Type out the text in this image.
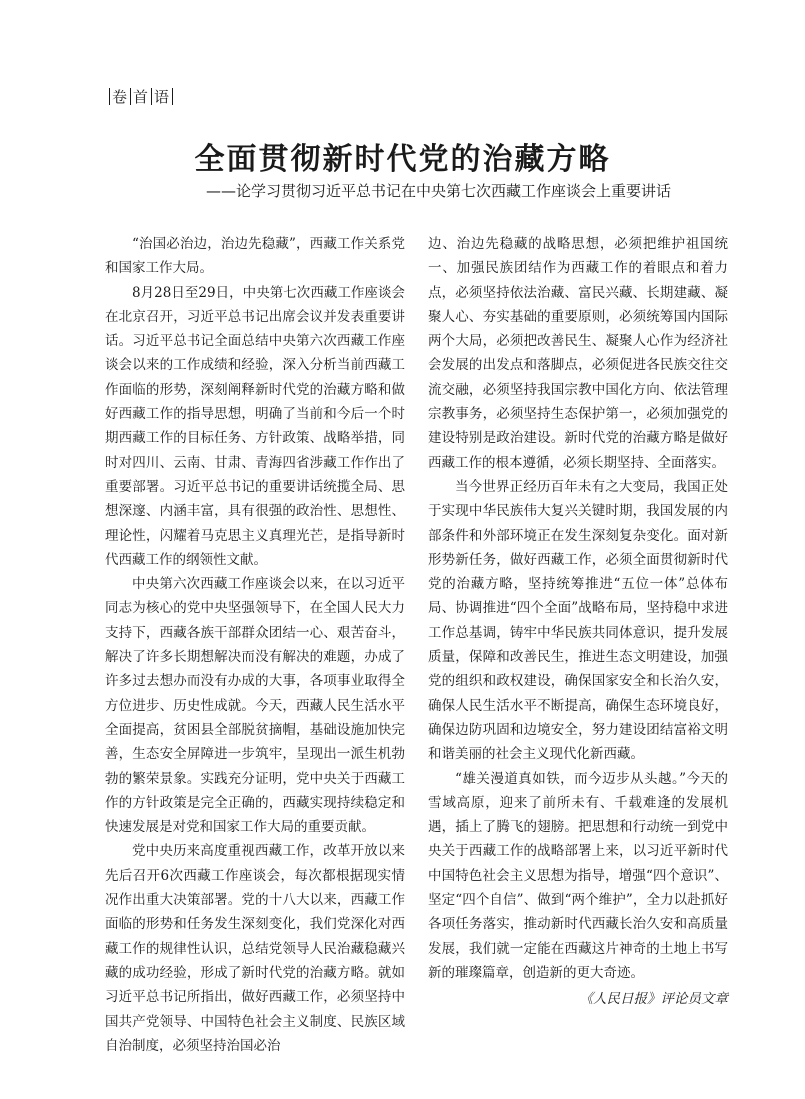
卷 首 语
全面贯彻新时代党的治藏方略
——论学习贯彻习近平总书记在中央第七次西藏工作座谈会上重要讲话

“治国必治边，治边先稳藏”，西藏工作关系党和国家工作大局。

8月28日至29日，中央第七次西藏工作座谈会在北京召开，习近平总书记出席会议并发表重要讲话。习近平总书记全面总结中央第六次西藏工作座谈会以来的工作成绩和经验，深入分析当前西藏工作面临的形势，深刻阐释新时代党的治藏方略和做好西藏工作的指导思想，明确了当前和今后一个时期西藏工作的目标任务、方针政策、战略举措，同时对四川、云南、甘肃、青海四省涉藏工作作出了重要部署。习近平总书记的重要讲话统揽全局、思想深邃、内涵丰富，具有很强的政治性、思想性、理论性，闪耀着马克思主义真理光芒，是指导新时代西藏工作的纲领性文献。

中央第六次西藏工作座谈会以来，在以习近平同志为核心的党中央坚强领导下，在全国人民大力支持下，西藏各族干部群众团结一心、艰苦奋斗，解决了许多长期想解决而没有解决的难题，办成了许多过去想办而没有办成的大事，各项事业取得全方位进步、历史性成就。今天，西藏人民生活水平全面提高，贫困县全部脱贫摘帽，基础设施加快完善，生态安全屏障进一步筑牢，呈现出一派生机勃勃的繁荣景象。实践充分证明，党中央关于西藏工作的方针政策是完全正确的，西藏实现持续稳定和快速发展是对党和国家工作大局的重要贡献。

党中央历来高度重视西藏工作，改革开放以来先后召开6次西藏工作座谈会，每次都根据现实情况作出重大决策部署。党的十八大以来，西藏工作面临的形势和任务发生深刻变化，我们党深化对西藏工作的规律性认识，总结党领导人民治藏稳藏兴藏的成功经验，形成了新时代党的治藏方略。就如习近平总书记所指出，做好西藏工作，必须坚持中国共产党领导、中国特色社会主义制度、民族区域自治制度，必须坚持治国必治

边、治边先稳藏的战略思想，必须把维护祖国统一、加强民族团结作为西藏工作的着眼点和着力点，必须坚持依法治藏、富民兴藏、长期建藏、凝聚人心、夯实基础的重要原则，必须统筹国内国际两个大局，必须把改善民生、凝聚人心作为经济社会发展的出发点和落脚点，必须促进各民族交往交流交融，必须坚持我国宗教中国化方向、依法管理宗教事务，必须坚持生态保护第一，必须加强党的建设特别是政治建设。新时代党的治藏方略是做好西藏工作的根本遵循，必须长期坚持、全面落实。

当今世界正经历百年未有之大变局，我国正处于实现中华民族伟大复兴关键时期，我国发展的内部条件和外部环境正在发生深刻复杂变化。面对新形势新任务，做好西藏工作，必须全面贯彻新时代党的治藏方略，坚持统筹推进“五位一体”总体布局、协调推进“四个全面”战略布局，坚持稳中求进工作总基调，铸牢中华民族共同体意识，提升发展质量，保障和改善民生，推进生态文明建设，加强党的组织和政权建设，确保国家安全和长治久安，确保人民生活水平不断提高，确保生态环境良好，确保边防巩固和边境安全，努力建设团结富裕文明和谐美丽的社会主义现代化新西藏。

“雄关漫道真如铁，而今迈步从头越。”今天的雪域高原，迎来了前所未有、千载难逢的发展机遇，插上了腾飞的翅膀。把思想和行动统一到党中央关于西藏工作的战略部署上来，以习近平新时代中国特色社会主义思想为指导，增强“四个意识”、坚定“四个自信”、做到“两个维护”，全力以赴抓好各项任务落实，推动新时代西藏长治久安和高质量发展，我们就一定能在西藏这片神奇的土地上书写新的璀璨篇章，创造新的更大奇迹。

《人民日报》评论员文章
